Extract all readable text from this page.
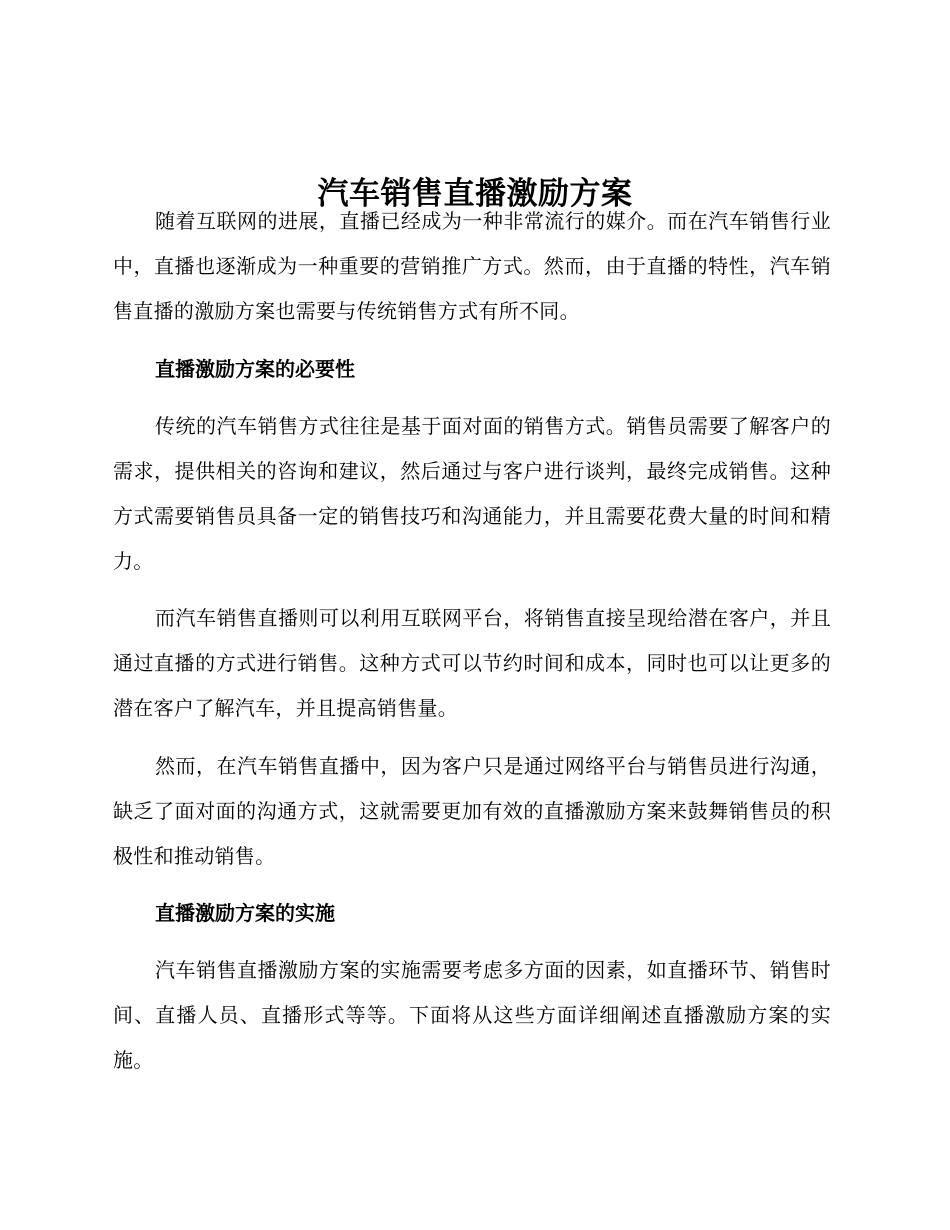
汽车销售直播激励方案

随着互联网的进展，直播已经成为一种非常流行的媒介。而在汽车销售行业中，直播也逐渐成为一种重要的营销推广方式。然而，由于直播的特性，汽车销售直播的激励方案也需要与传统销售方式有所不同。

直播激励方案的必要性

传统的汽车销售方式往往是基于面对面的销售方式。销售员需要了解客户的需求，提供相关的咨询和建议，然后通过与客户进行谈判，最终完成销售。这种方式需要销售员具备一定的销售技巧和沟通能力，并且需要花费大量的时间和精力。

而汽车销售直播则可以利用互联网平台，将销售直接呈现给潜在客户，并且通过直播的方式进行销售。这种方式可以节约时间和成本，同时也可以让更多的潜在客户了解汽车，并且提高销售量。

然而，在汽车销售直播中，因为客户只是通过网络平台与销售员进行沟通，缺乏了面对面的沟通方式，这就需要更加有效的直播激励方案来鼓舞销售员的积极性和推动销售。

直播激励方案的实施

汽车销售直播激励方案的实施需要考虑多方面的因素，如直播环节、销售时间、直播人员、直播形式等等。下面将从这些方面详细阐述直播激励方案的实施。
